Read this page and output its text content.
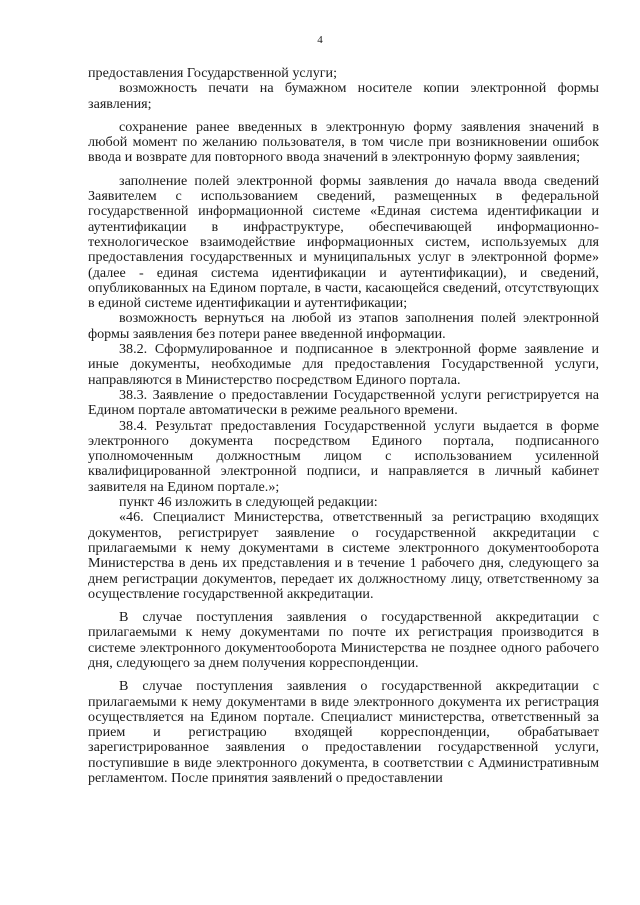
4

предоставления Государственной услуги;

возможность печати на бумажном носителе копии электронной формы заявления;

сохранение ранее введенных в электронную форму заявления значений в любой момент по желанию пользователя, в том числе при возникновении ошибок ввода и возврате для повторного ввода значений в электронную форму заявления;

заполнение полей электронной формы заявления до начала ввода сведений Заявителем с использованием сведений, размещенных в федеральной государственной информационной системе «Единая система идентификации и аутентификации в инфраструктуре, обеспечивающей информационно-технологическое взаимодействие информационных систем, используемых для предоставления государственных и муниципальных услуг в электронной форме» (далее - единая система идентификации и аутентификации), и сведений, опубликованных на Едином портале, в части, касающейся сведений, отсутствующих в единой системе идентификации и аутентификации;

возможность вернуться на любой из этапов заполнения полей электронной формы заявления без потери ранее введенной информации.

38.2. Сформулированное и подписанное в электронной форме заявление и иные документы, необходимые для предоставления Государственной услуги, направляются в Министерство посредством Единого портала.

38.3. Заявление о предоставлении Государственной услуги регистрируется на Едином портале автоматически в режиме реального времени.

38.4. Результат предоставления Государственной услуги выдается в форме электронного документа посредством Единого портала, подписанного уполномоченным должностным лицом с использованием усиленной квалифицированной электронной подписи, и направляется в личный кабинет заявителя на Едином портале.»;

пункт 46 изложить в следующей редакции:

«46. Специалист Министерства, ответственный за регистрацию входящих документов, регистрирует заявление о государственной аккредитации с прилагаемыми к нему документами в системе электронного документооборота Министерства в день их представления и в течение 1 рабочего дня, следующего за днем регистрации документов, передает их должностному лицу, ответственному за осуществление государственной аккредитации.

В случае поступления заявления о государственной аккредитации с прилагаемыми к нему документами по почте их регистрация производится в системе электронного документооборота Министерства не позднее одного рабочего дня, следующего за днем получения корреспонденции.

В случае поступления заявления о государственной аккредитации с прилагаемыми к нему документами в виде электронного документа их регистрация осуществляется на Едином портале. Специалист министерства, ответственный за прием и регистрацию входящей корреспонденции, обрабатывает зарегистрированное заявления о предоставлении государственной услуги, поступившие в виде электронного документа, в соответствии с Административным регламентом. После принятия заявлений о предоставлении
